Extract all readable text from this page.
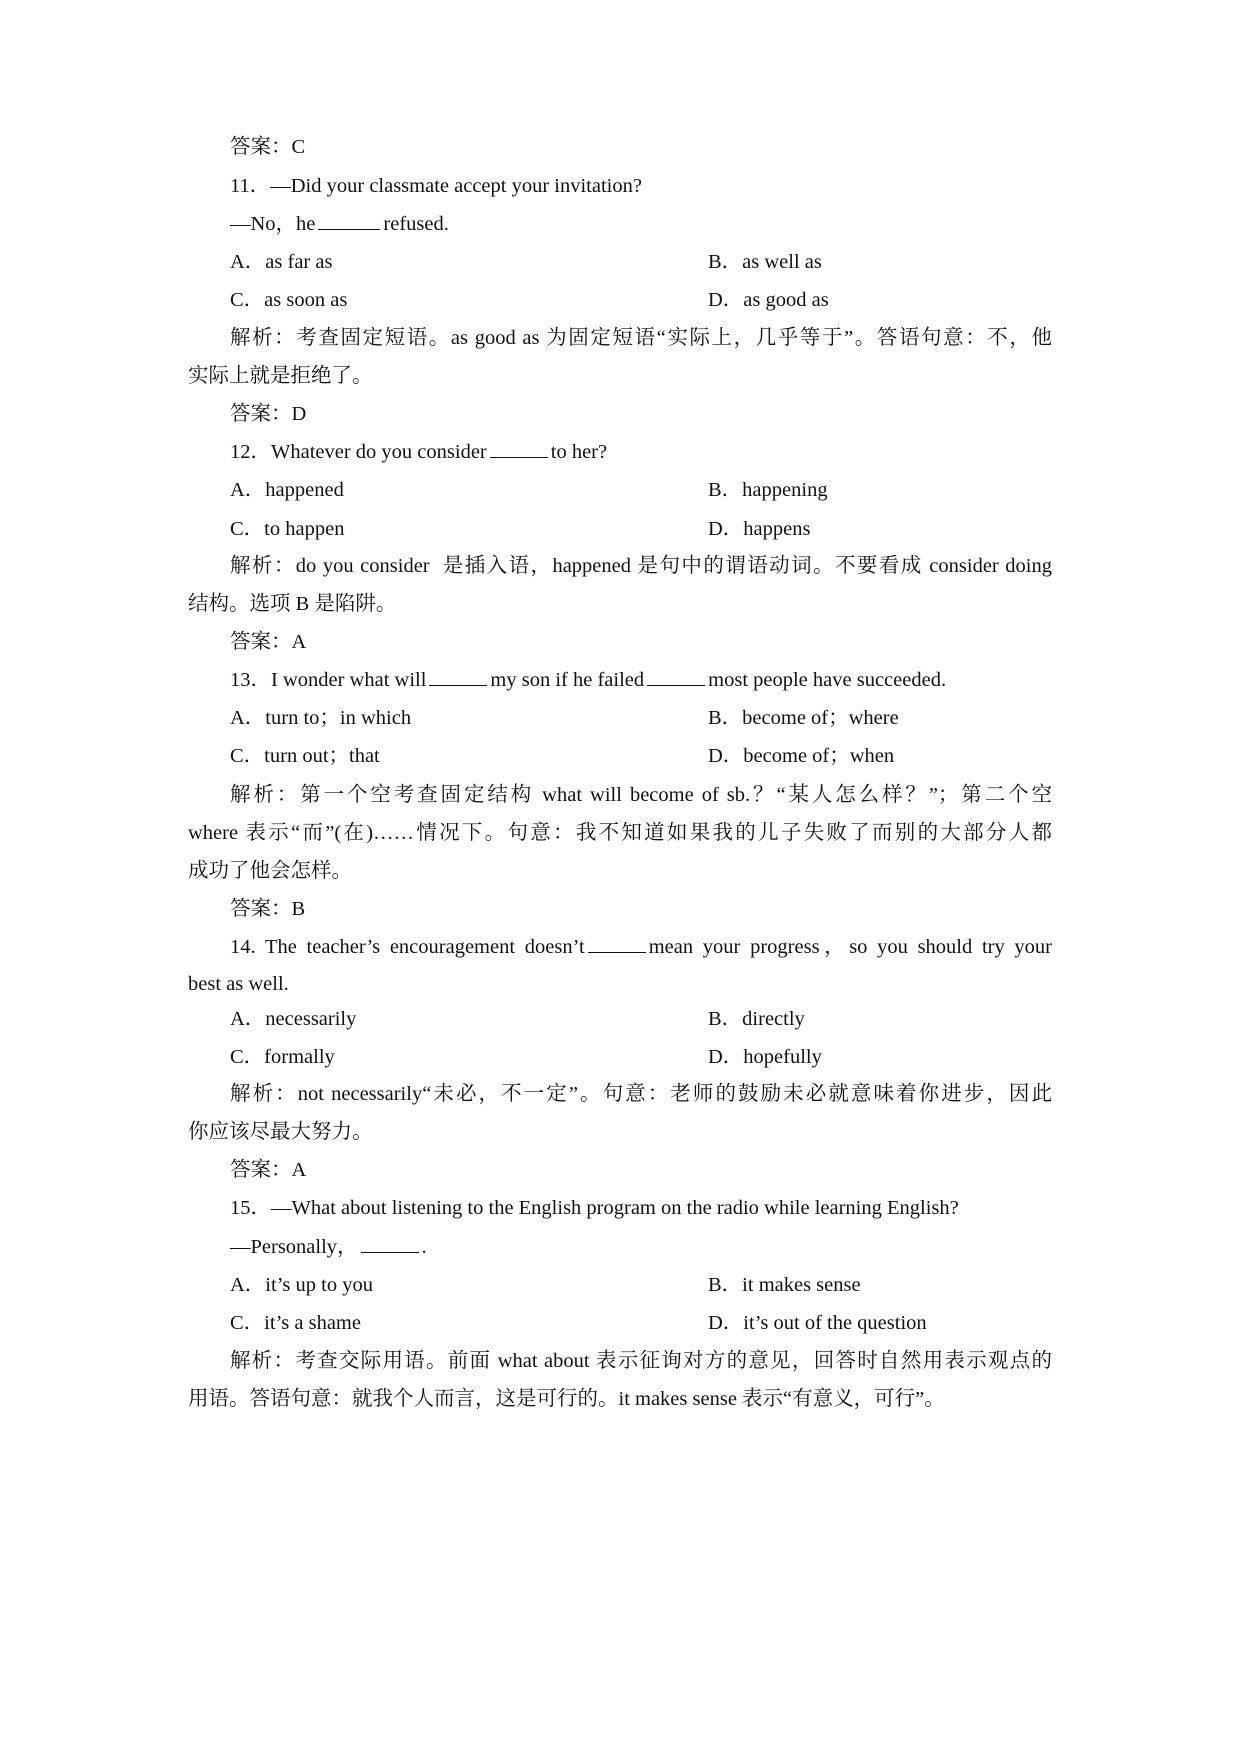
答案：C
11．—Did your classmate accept your invitation?
—No，he	refused.
A．as far as	B．as well as
C．as soon as	D．as good as
解析：考查固定短语。as good as 为固定短语“实际上，几乎等于”。答语句意：不，他
实际上就是拒绝了。
答案：D
12．Whatever do you consider	to her?
A．happened	B．happening
C．to happen	D．happens
解析：do you consider  是插入语，happened 是句中的谓语动词。不要看成 consider doing
结构。选项 B 是陷阱。
答案：A
13．I wonder what will	my son if he failed	most people have succeeded.
A．turn to；in which	B．become of；where
C．turn out；that	D．become of；when
解析：第一个空考查固定结构 what will become of sb.？“某人怎么样？”；第二个空
where 表示“而”(在)……情况下。句意：我不知道如果我的儿子失败了而别的大部分人都
成功了他会怎样。
答案：B
14. The teacher’s encouragement doesn’t	mean your progress，so you should try your
best as well.
A．necessarily	B．directly
C．formally	D．hopefully
解析：not necessarily“未必，不一定”。句意：老师的鼓励未必就意味着你进步，因此
你应该尽最大努力。
答案：A
15．—What about listening to the English program on the radio while learning English?
—Personally，	.
A．it’s up to you	B．it makes sense
C．it’s a shame	D．it’s out of the question
解析：考查交际用语。前面 what about 表示征询对方的意见，回答时自然用表示观点的
用语。答语句意：就我个人而言，这是可行的。it makes sense 表示“有意义，可行”。
